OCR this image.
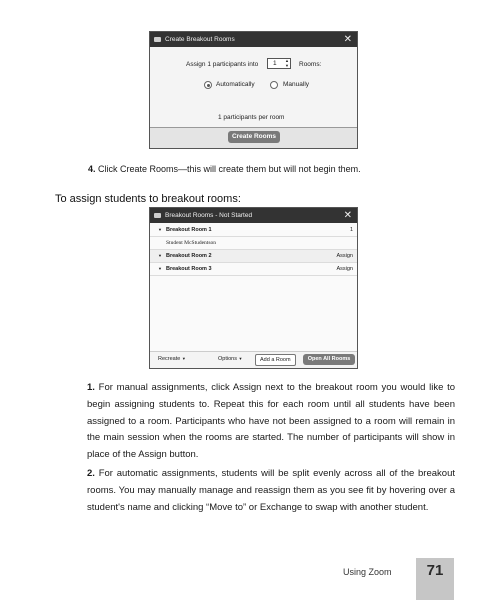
Create Breakout Rooms	✕
Assign 1 participants into	1 ▲
▼ Rooms:
Automatically	Manually
1 participants per room
Create Rooms
4. Click Create Rooms—this will create them but will not begin them.
To assign students to breakout rooms:
Breakout Rooms - Not Started	✕
▼ Breakout Room 1	1
Student McStudentson
▼ Breakout Room 2	Assign
▼ Breakout Room 3	Assign
Recreate ▼	Options ▼	Add a Room	Open All Rooms
1. For manual assignments, click Assign next to the breakout room you would like to begin assigning students to. Repeat this for each room until all students have been assigned to a room. Participants who have not been assigned to a room will remain in the main session when the rooms are started. The number of participants will show in place of the Assign button.
2. For automatic assignments, students will be split evenly across all of the breakout rooms. You may manually manage and reassign them as you see fit by hovering over a student's name and clicking “Move to” or Exchange to swap with another student.
Using Zoom	71
